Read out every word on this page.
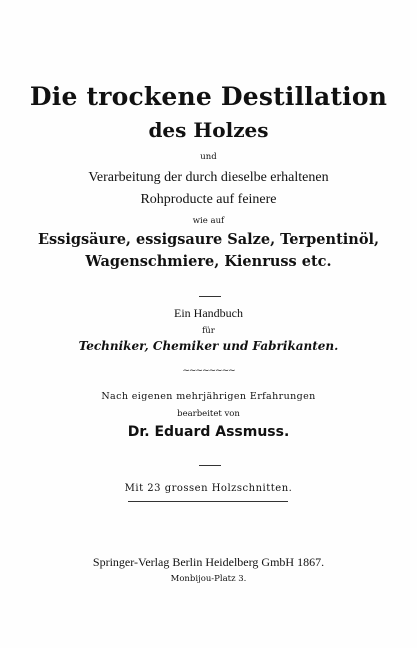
Die trockene Destillation
des Holzes
und
Verarbeitung der durch dieselbe erhaltenen
Rohproducte auf feinere
wie auf
Essigsäure, essigsaure Salze, Terpentinöl,
Wagenschmiere, Kienruss etc.
Ein Handbuch
für
Techniker, Chemiker und Fabrikanten.
~~~~~~~~
Nach eigenen mehrjährigen Erfahrungen
bearbeitet von
Dr. Eduard Assmuss.
Mit 23 grossen Holzschnitten.
Springer-Verlag Berlin Heidelberg GmbH 1867.
Monbijou-Platz 3.
